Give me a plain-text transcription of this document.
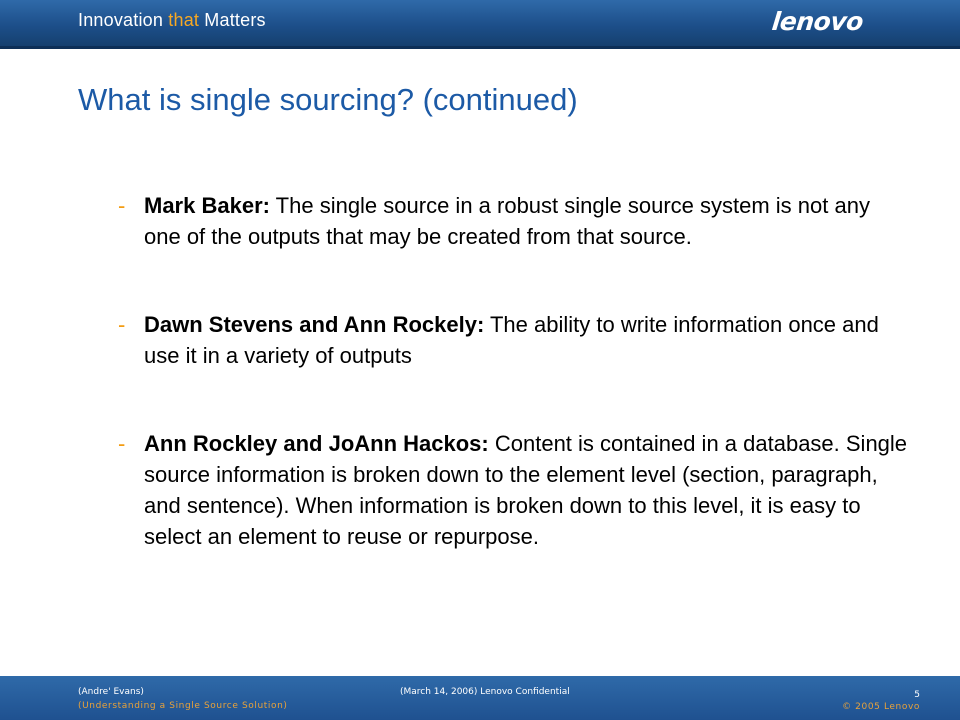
Innovation that Matters	lenovo
What is single sourcing? (continued)
- Mark Baker: The single source in a robust single source system is not any one of the outputs that may be created from that source.
- Dawn Stevens and Ann Rockely: The ability to write information once and use it in a variety of outputs
- Ann Rockley and JoAnn Hackos: Content is contained in a database. Single source information is broken down to the element level (section, paragraph, and sentence). When information is broken down to this level, it is easy to select an element to reuse or repurpose.
(Andre' Evans)
(Understanding a Single Source Solution)
(March 14, 2006) Lenovo Confidential	5
© 2005 Lenovo
